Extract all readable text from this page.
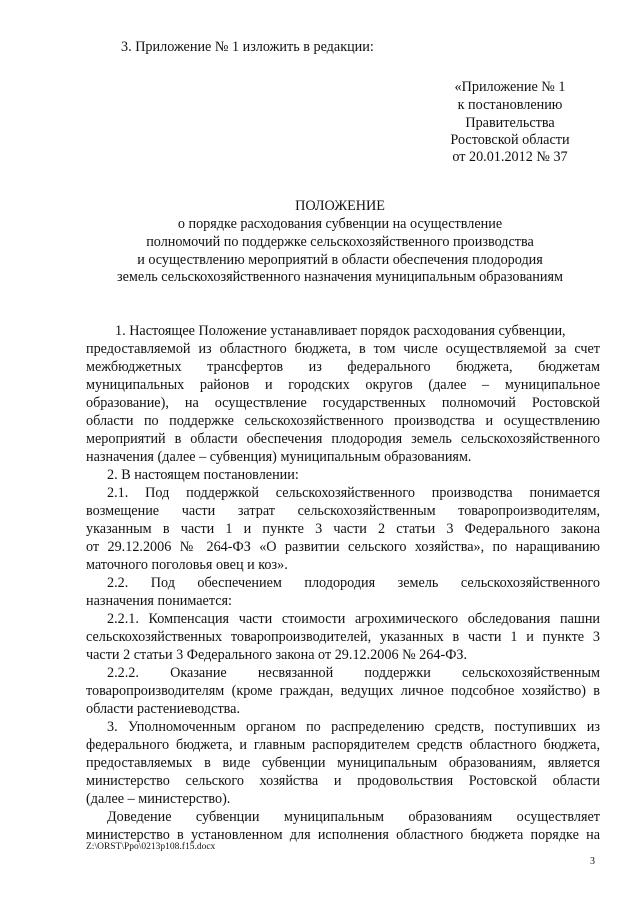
3. Приложение № 1 изложить в редакции:
«Приложение № 1
к постановлению
Правительства
Ростовской области
от 20.01.2012 № 37
ПОЛОЖЕНИЕ
о порядке расходования субвенции на осуществление
полномочий по поддержке сельскохозяйственного производства
и осуществлению мероприятий в области обеспечения плодородия
земель сельскохозяйственного назначения муниципальным образованиям
1. Настоящее Положение устанавливает порядок расходования субвенции,
предоставляемой из областного бюджета, в том числе осуществляемой за счет
межбюджетных трансфертов из федерального бюджета, бюджетам
муниципальных районов и городских округов (далее – муниципальное
образование), на осуществление государственных полномочий Ростовской
области по поддержке сельскохозяйственного производства и осуществлению
мероприятий в области обеспечения плодородия земель сельскохозяйственного
назначения (далее – субвенция) муниципальным образованиям.
2. В настоящем постановлении:
2.1. Под поддержкой сельскохозяйственного производства понимается
возмещение части затрат сельскохозяйственным товаропроизводителям,
указанным в части 1 и пункте 3 части 2 статьи 3 Федерального закона
от 29.12.2006 № 264-ФЗ «О развитии сельского хозяйства», по наращиванию
маточного поголовья овец и коз».
2.2. Под обеспечением плодородия земель сельскохозяйственного
назначения понимается:
2.2.1. Компенсация части стоимости агрохимического обследования пашни
сельскохозяйственных товаропроизводителей, указанных в части 1 и пункте 3
части 2 статьи 3 Федерального закона от 29.12.2006 № 264-ФЗ.
2.2.2. Оказание несвязанной поддержки сельскохозяйственным
товаропроизводителям (кроме граждан, ведущих личное подсобное хозяйство) в
области растениеводства.
3. Уполномоченным органом по распределению средств, поступивших из
федерального бюджета, и главным распорядителем средств областного бюджета,
предоставляемых в виде субвенции муниципальным образованиям, является
министерство сельского хозяйства и продовольствия Ростовской области
(далее – министерство).
Доведение субвенции муниципальным образованиям осуществляет
министерство в установленном для исполнения областного бюджета порядке на
Z:\ORST\Ppo\0213p108.f15.docx
3
